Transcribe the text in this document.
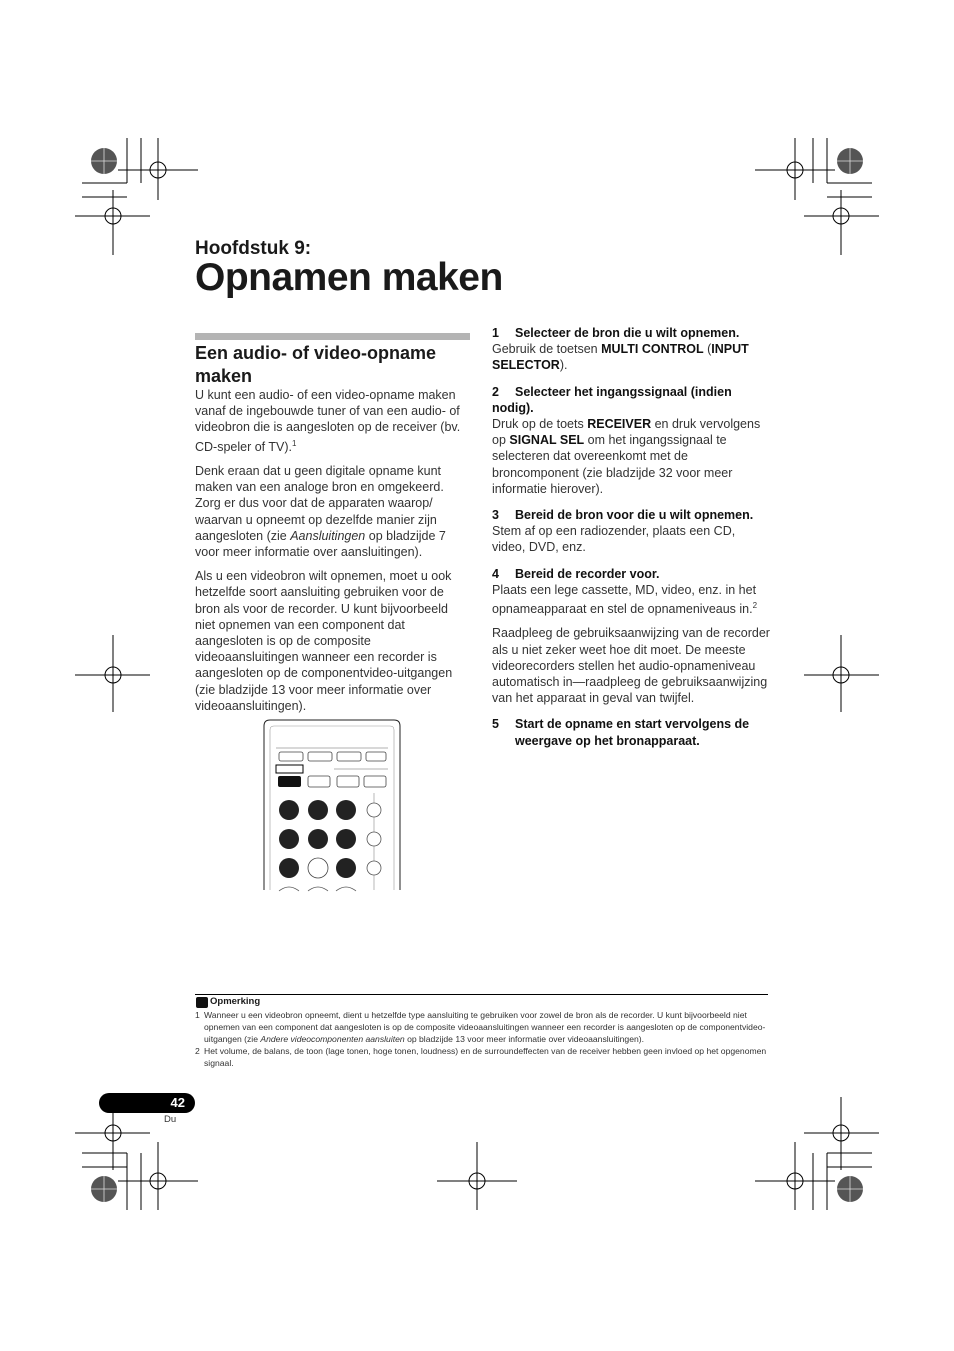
Hoofdstuk 9:
Opnamen maken
Een audio- of video-opname maken

U kunt een audio- of een video-opname maken vanaf de ingebouwde tuner of van een audio- of videobron die is aangesloten op de receiver (bv. CD-speler of TV).$^1$

Denk eraan dat u geen digitale opname kunt maken van een analoge bron en omgekeerd. Zorg er dus voor dat de apparaten waarop/ waarvan u opneemt op dezelfde manier zijn aangesloten (zie Aansluitingen op bladzijde 7 voor meer informatie over aansluitingen).

Als u een videobron wilt opnemen, moet u ook hetzelfde soort aansluiting gebruiken voor de bron als voor de recorder. U kunt bijvoorbeeld niet opnemen van een component dat aangesloten is op de composite videoaansluitingen wanneer een recorder is aangesloten op de componentvideo-uitgangen (zie bladzijde 13 voor meer informatie over videoaansluitingen).

1 Selecteer de bron die u wilt opnemen.

Gebruik de toetsen MULTI CONTROL (INPUT SELECTOR).

2 Selecteer het ingangssignaal (indien nodig).

Druk op de toets RECEIVER en druk vervolgens op SIGNAL SEL om het ingangssignaal te selecteren dat overeenkomt met de broncomponent (zie bladzijde 32 voor meer informatie hierover).

3 Bereid de bron voor die u wilt opnemen.

Stem af op een radiozender, plaats een CD, video, DVD, enz.

4 Bereid de recorder voor.

Plaats een lege cassette, MD, video, enz. in het opnameapparaat en stel de opnameniveaus in.$^2$

Raadpleeg de gebruiksaanwijzing van de recorder als u niet zeker weet hoe dit moet. De meeste videorecorders stellen het audio-opnameniveau automatisch in—raadpleeg de gebruiksaanwijzing van het apparaat in geval van twijfel.

5	Start de opname en start vervolgens de weergave op het bronapparaat.

Opmerking
1 Wanneer u een videobron opneemt, dient u hetzelfde type aansluiting te gebruiken voor zowel de bron als de recorder. U kunt bijvoorbeeld niet opnemen van een component dat aangesloten is op de composite videoaansluitingen wanneer een recorder is aangesloten op de componentvideo-uitgangen (zie Andere videocomponenten aansluiten op bladzijde 13 voor meer informatie over videoaansluitingen).
2 Het volume, de balans, de toon (lage tonen, hoge tonen, loudness) en de surroundeffecten van de receiver hebben geen invloed op het opgenomen signaal.
42
Du
